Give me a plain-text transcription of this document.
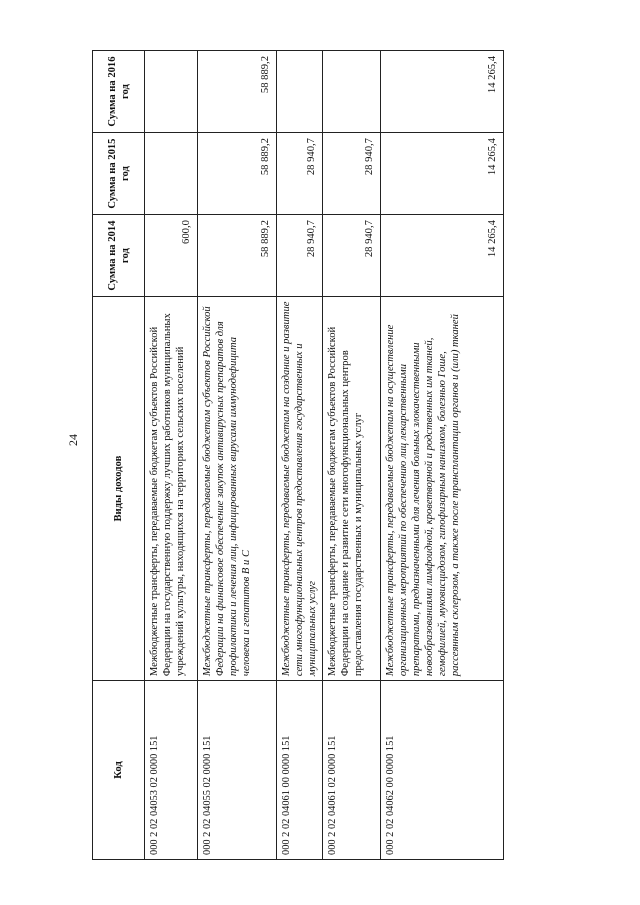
24
Код	Виды доходов	Сумма на 2014 год	Сумма на 2015 год	Сумма на 2016 год
000 2 02 04053 02 0000 151	Межбюджетные трансферты, передаваемые бюджетам субъектов Российской Федерации на государственную поддержку лучших работников муниципальных учреждений культуры, находящихся на территориях сельских поселений	600,0		
000 2 02 04055 02 0000 151	Межбюджетные трансферты, передаваемые бюджетам субъектов Российской Федерации на финансовое обеспечение закупок антивирусных препаратов для профилактики и лечения лиц, инфицированных вирусами иммунодефицита человека и гепатитов B и C	58 889,2	58 889,2	58 889,2
000 2 02 04061 00 0000 151	Межбюджетные трансферты, передаваемые бюджетам на создание и развитие сети многофункциональных центров предоставления государственных и муниципальных услуг	28 940,7	28 940,7	
000 2 02 04061 02 0000 151	Межбюджетные трансферты, передаваемые бюджетам субъектов Российской Федерации на создание и развитие сети многофункциональных центров предоставления государственных и муниципальных услуг	28 940,7	28 940,7	
000 2 02 04062 00 0000 151	Межбюджетные трансферты, передаваемые бюджетам на осуществление организационных мероприятий по обеспечению лиц лекарственными препаратами, предназначенными для лечения больных злокачественными новообразованиями лимфоидной, кроветворной и родственных им тканей, гемофилией, муковисцидозом, гипофизарным нанизмом, болезнью Гоше, рассеянным склерозом, а также после трансплантации органов и (или) тканей	14 265,4	14 265,4	14 265,4
